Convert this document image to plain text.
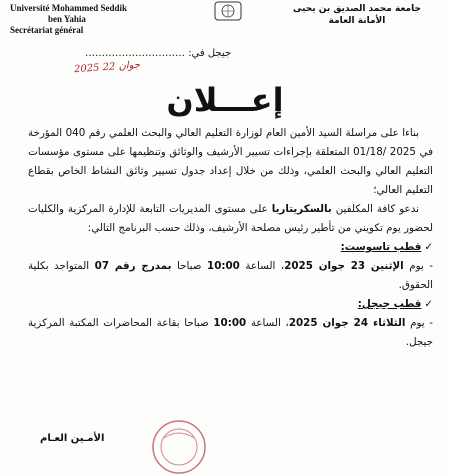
Université Mohammed Seddik
ben Yahia
Secrétariat général
جامعة محمد الصديق بن يحيى
الأمانة العامة
جيجل في: …………………………
2025 جوان 22
إعـــلان

بناءا على مراسلة السيد الأمين العام لوزارة التعليم العالي والبحث العلمي رقم 040 المؤرخة في 2025 /01/18 المتعلقة بإجراءات تسيير الأرشيف والوثائق وتنظيمها على مستوى مؤسسات التعليم العالي والبحث العلمي، وذلك من خلال إعداد جدول تسيير وثائق النشاط الخاص بقطاع التعليم العالي؛

ندعو كافة المكلفين بالسكريتاريا على مستوى المديريات التابعة للإدارة المركزية والكليات لحضور يوم تكويني من تأطير رئيس مصلحة الأرشيف، وذلك حسب البرنامج التالي:

✓قطب تاسوست:

- يوم الإثنين 23 جوان 2025، الساعة 10:00 صباحا بمدرج رقم 07 المتواجد بكلية الحقوق.

✓قطب جيجل:

- يوم الثلاثاء 24 جوان 2025، الساعة 10:00 صباحا بقاعة المحاضرات المكتبة المركزية جيجل.

الأمـين العـام
